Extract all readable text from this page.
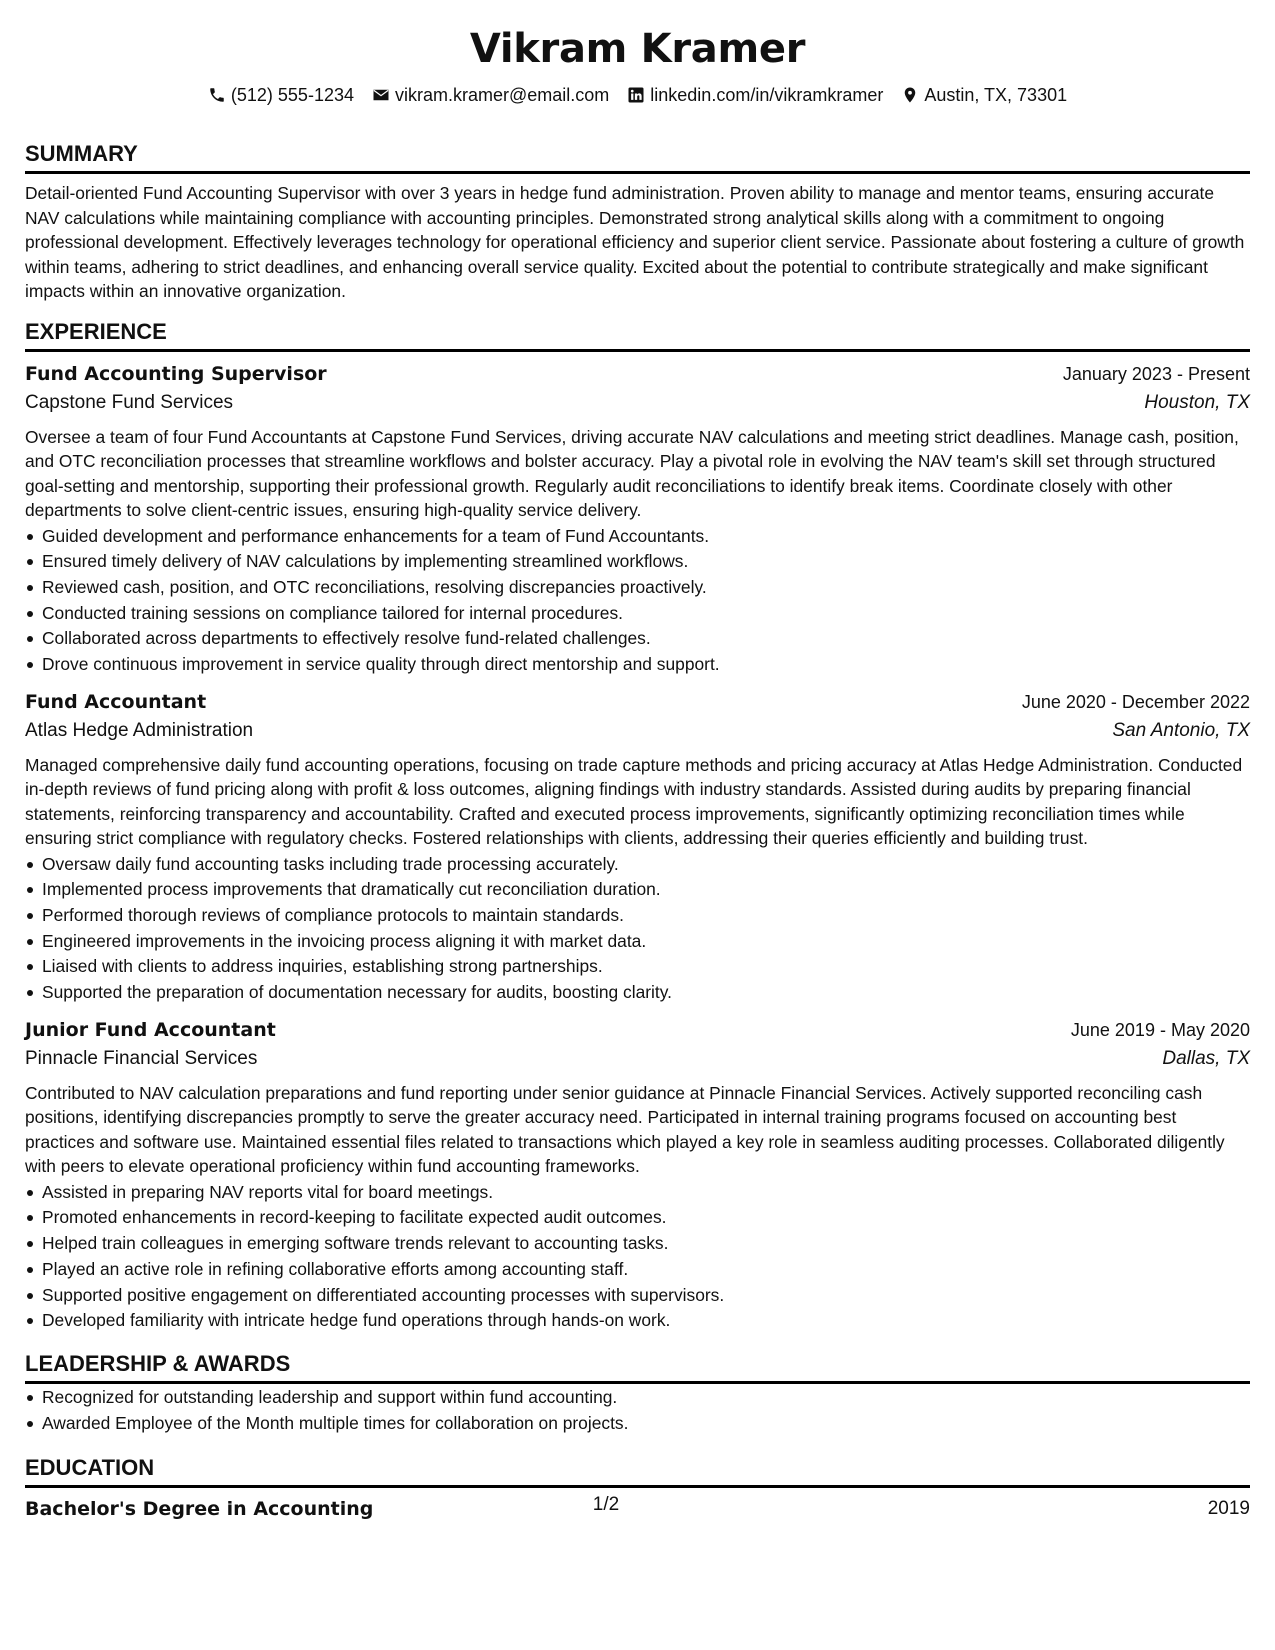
Vikram Kramer
(512) 555-1234 vikram.kramer@email.com linkedin.com/in/vikramkramer Austin, TX, 73301
SUMMARY
Detail-oriented Fund Accounting Supervisor with over 3 years in hedge fund administration. Proven ability to manage and mentor teams, ensuring accurate NAV calculations while maintaining compliance with accounting principles. Demonstrated strong analytical skills along with a commitment to ongoing professional development. Effectively leverages technology for operational efficiency and superior client service. Passionate about fostering a culture of growth within teams, adhering to strict deadlines, and enhancing overall service quality. Excited about the potential to contribute strategically and make significant impacts within an innovative organization.
EXPERIENCE
Fund Accounting Supervisor	January 2023 - Present
Capstone Fund Services	Houston, TX
Oversee a team of four Fund Accountants at Capstone Fund Services, driving accurate NAV calculations and meeting strict deadlines. Manage cash, position, and OTC reconciliation processes that streamline workflows and bolster accuracy. Play a pivotal role in evolving the NAV team's skill set through structured goal-setting and mentorship, supporting their professional growth. Regularly audit reconciliations to identify break items. Coordinate closely with other departments to solve client-centric issues, ensuring high-quality service delivery.
Guided development and performance enhancements for a team of Fund Accountants.
Ensured timely delivery of NAV calculations by implementing streamlined workflows.
Reviewed cash, position, and OTC reconciliations, resolving discrepancies proactively.
Conducted training sessions on compliance tailored for internal procedures.
Collaborated across departments to effectively resolve fund-related challenges.
Drove continuous improvement in service quality through direct mentorship and support.
Fund Accountant	June 2020 - December 2022
Atlas Hedge Administration	San Antonio, TX
Managed comprehensive daily fund accounting operations, focusing on trade capture methods and pricing accuracy at Atlas Hedge Administration. Conducted in-depth reviews of fund pricing along with profit & loss outcomes, aligning findings with industry standards. Assisted during audits by preparing financial statements, reinforcing transparency and accountability. Crafted and executed process improvements, significantly optimizing reconciliation times while ensuring strict compliance with regulatory checks. Fostered relationships with clients, addressing their queries efficiently and building trust.
Oversaw daily fund accounting tasks including trade processing accurately.
Implemented process improvements that dramatically cut reconciliation duration.
Performed thorough reviews of compliance protocols to maintain standards.
Engineered improvements in the invoicing process aligning it with market data.
Liaised with clients to address inquiries, establishing strong partnerships.
Supported the preparation of documentation necessary for audits, boosting clarity.
Junior Fund Accountant	June 2019 - May 2020
Pinnacle Financial Services	Dallas, TX
Contributed to NAV calculation preparations and fund reporting under senior guidance at Pinnacle Financial Services. Actively supported reconciling cash positions, identifying discrepancies promptly to serve the greater accuracy need. Participated in internal training programs focused on accounting best practices and software use. Maintained essential files related to transactions which played a key role in seamless auditing processes. Collaborated diligently with peers to elevate operational proficiency within fund accounting frameworks.
Assisted in preparing NAV reports vital for board meetings.
Promoted enhancements in record-keeping to facilitate expected audit outcomes.
Helped train colleagues in emerging software trends relevant to accounting tasks.
Played an active role in refining collaborative efforts among accounting staff.
Supported positive engagement on differentiated accounting processes with supervisors.
Developed familiarity with intricate hedge fund operations through hands-on work.
LEADERSHIP & AWARDS
Recognized for outstanding leadership and support within fund accounting.
Awarded Employee of the Month multiple times for collaboration on projects.
EDUCATION
Bachelor's Degree in Accounting	2019
1/2
